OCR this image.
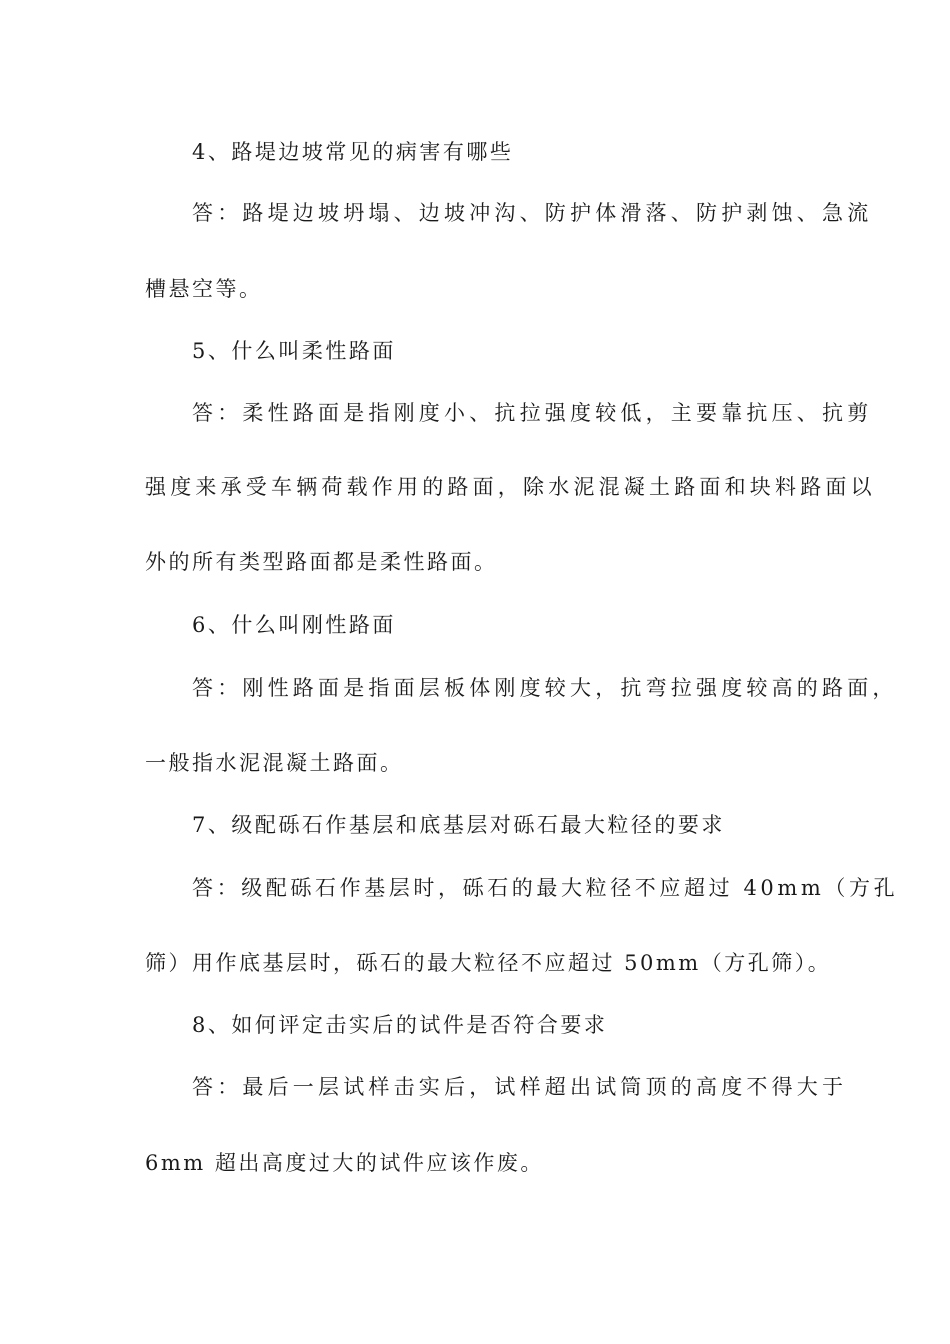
4、路堤边坡常见的病害有哪些
答：路堤边坡坍塌、边坡冲沟、防护体滑落、防护剥蚀、急流
槽悬空等。
5、什么叫柔性路面
答：柔性路面是指刚度小、抗拉强度较低，主要靠抗压、抗剪
强度来承受车辆荷载作用的路面，除水泥混凝土路面和块料路面以
外的所有类型路面都是柔性路面。
6、什么叫刚性路面
答：刚性路面是指面层板体刚度较大，抗弯拉强度较高的路面，
一般指水泥混凝土路面。
7、级配砾石作基层和底基层对砾石最大粒径的要求
答：级配砾石作基层时，砾石的最大粒径不应超过 40mm（方孔
筛）用作底基层时，砾石的最大粒径不应超过 50mm（方孔筛）。
8、如何评定击实后的试件是否符合要求
答：最后一层试样击实后，试样超出试筒顶的高度不得大于
6mm 超出高度过大的试件应该作废。
